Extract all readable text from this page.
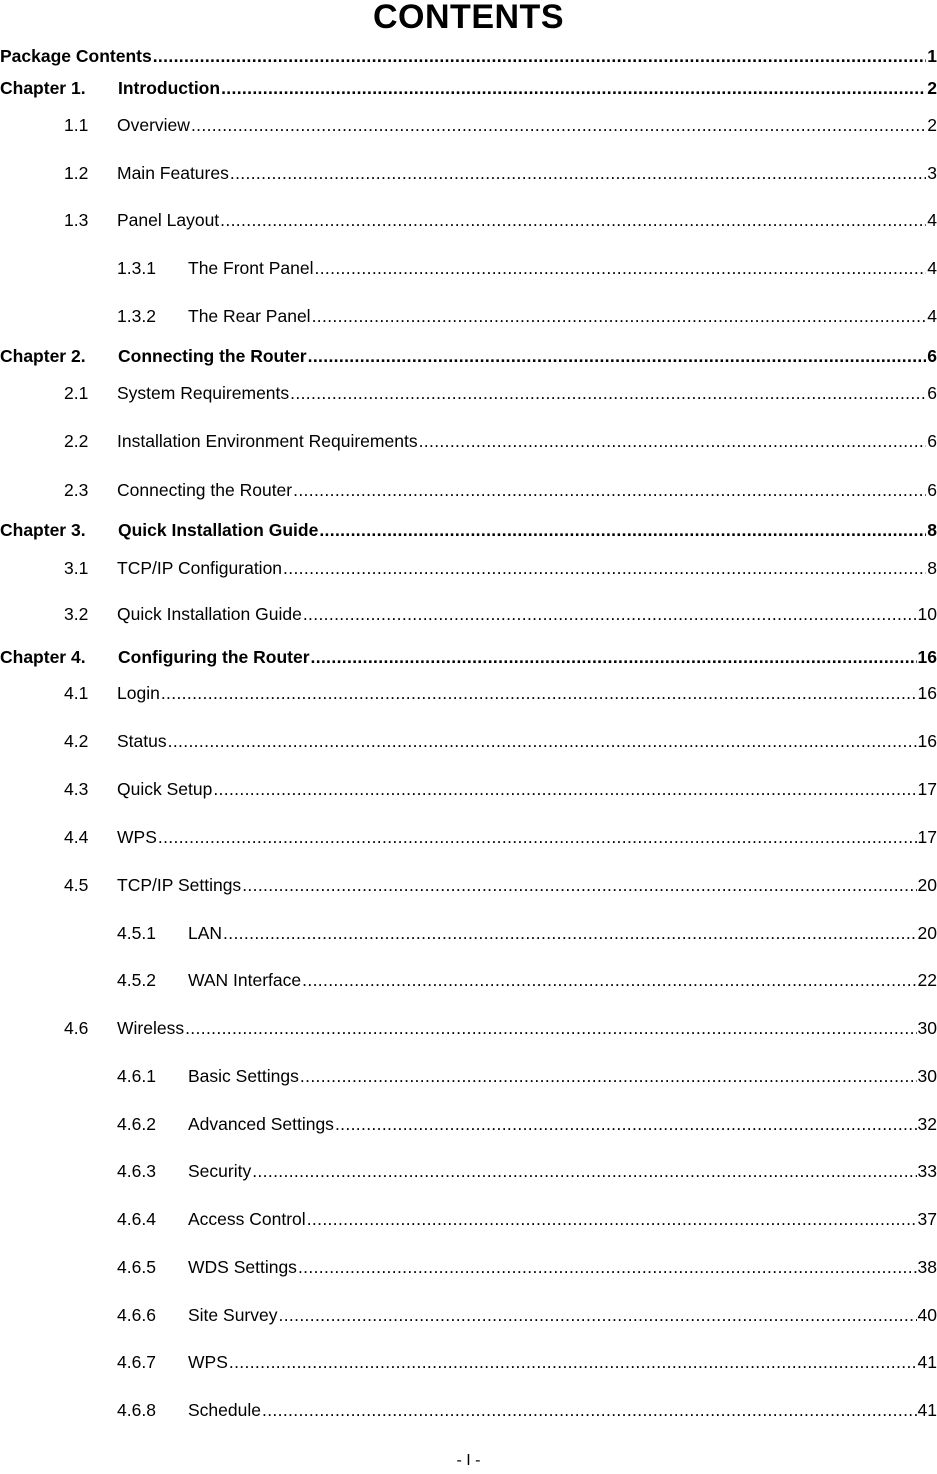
CONTENTS
Package Contents .....	1
Chapter 1.	Introduction .....	2
1.1	Overview .....	2
1.2	Main Features .....	3
1.3	Panel Layout .....	4
1.3.1	The Front Panel .....	4
1.3.2	The Rear Panel .....	4
Chapter 2.	Connecting the Router .....	6
2.1	System Requirements .....	6
2.2	Installation Environment Requirements .....	6
2.3	Connecting the Router .....	6
Chapter 3.	Quick Installation Guide .....	8
3.1	TCP/IP Configuration .....	8
3.2	Quick Installation Guide .....	10
Chapter 4.	Configuring the Router .....	16
4.1	Login .....	16
4.2	Status .....	16
4.3	Quick Setup .....	17
4.4	WPS .....	17
4.5	TCP/IP Settings .....	20
4.5.1	LAN .....	20
4.5.2	WAN Interface .....	22
4.6	Wireless .....	30
4.6.1	Basic Settings .....	30
4.6.2	Advanced Settings .....	32
4.6.3	Security .....	33
4.6.4	Access Control .....	37
4.6.5	WDS Settings .....	38
4.6.6	Site Survey .....	40
4.6.7	WPS .....	41
4.6.8	Schedule .....	41
- I -
